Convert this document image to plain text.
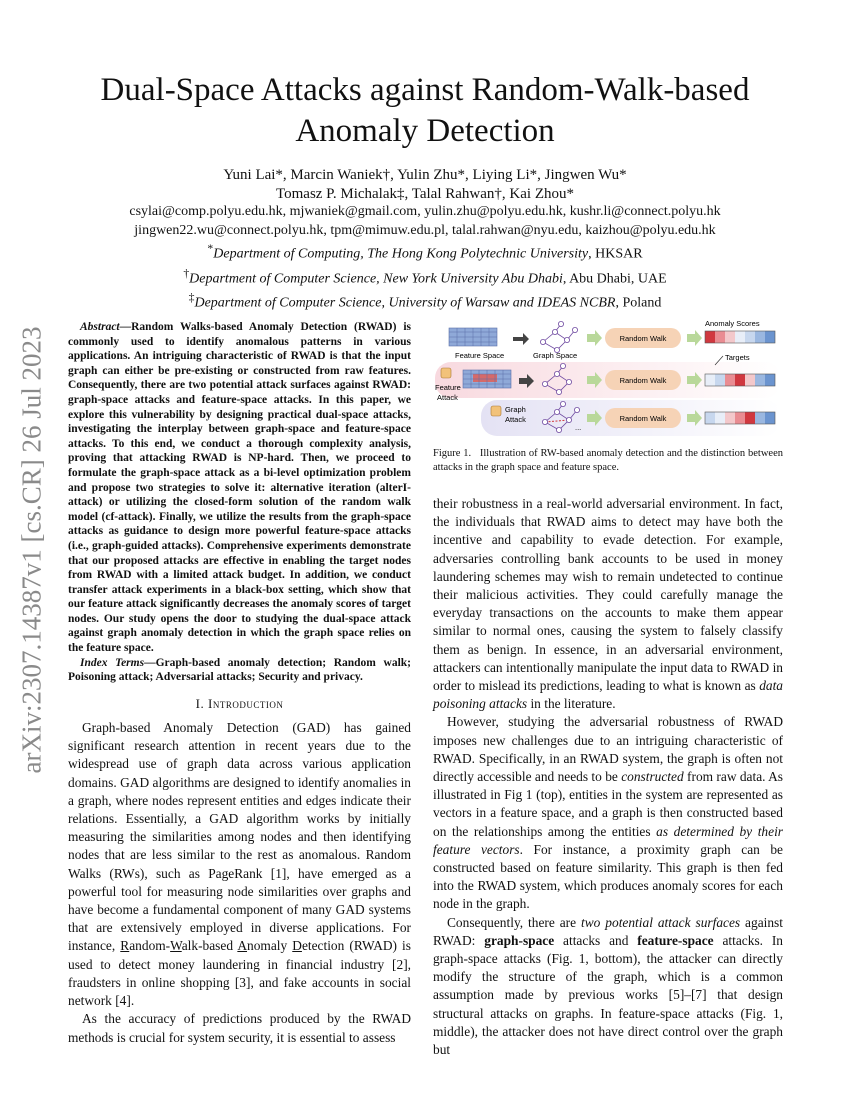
arXiv:2307.14387v1 [cs.CR] 26 Jul 2023
Dual-Space Attacks against Random-Walk-based
Anomaly Detection
Yuni Lai*, Marcin Waniek†, Yulin Zhu*, Liying Li*, Jingwen Wu*
Tomasz P. Michalak‡, Talal Rahwan†, Kai Zhou*
csylai@comp.polyu.edu.hk, mjwaniek@gmail.com, yulin.zhu@polyu.edu.hk, kushr.li@connect.polyu.hk
jingwen22.wu@connect.polyu.hk, tpm@mimuw.edu.pl, talal.rahwan@nyu.edu, kaizhou@polyu.edu.hk
*Department of Computing, The Hong Kong Polytechnic University, HKSAR
†Department of Computer Science, New York University Abu Dhabi, Abu Dhabi, UAE
‡Department of Computer Science, University of Warsaw and IDEAS NCBR, Poland

Abstract—Random Walks-based Anomaly Detection (RWAD) is commonly used to identify anomalous patterns in various applications. An intriguing characteristic of RWAD is that the input graph can either be pre-existing or constructed from raw features. Consequently, there are two potential attack surfaces against RWAD: graph-space attacks and feature-space attacks. In this paper, we explore this vulnerability by designing practical dual-space attacks, investigating the interplay between graph-space and feature-space attacks. To this end, we conduct a thorough complexity analysis, proving that attacking RWAD is NP-hard. Then, we proceed to formulate the graph-space attack as a bi-level optimization problem and propose two strategies to solve it: alternative iteration (alterI-attack) or utilizing the closed-form solution of the random walk model (cf-attack). Finally, we utilize the results from the graph-space attacks as guidance to design more powerful feature-space attacks (i.e., graph-guided attacks). Comprehensive experiments demonstrate that our proposed attacks are effective in enabling the target nodes from RWAD with a limited attack budget. In addition, we conduct transfer attack experiments in a black-box setting, which show that our feature attack significantly decreases the anomaly scores of target nodes. Our study opens the door to studying the dual-space attack against graph anomaly detection in which the graph space relies on the feature space.

Index Terms—Graph-based anomaly detection; Random walk; Poisoning attack; Adversarial attacks; Security and privacy.

I. Introduction

Graph-based Anomaly Detection (GAD) has gained significant research attention in recent years due to the widespread use of graph data across various application domains. GAD algorithms are designed to identify anomalies in a graph, where nodes represent entities and edges indicate their relations. Essentially, a GAD algorithm works by initially measuring the similarities among nodes and then identifying nodes that are less similar to the rest as anomalous. Random Walks (RWs), such as PageRank [1], have emerged as a powerful tool for measuring node similarities over graphs and have become a fundamental component of many GAD systems that are extensively employed in diverse applications. For instance, Random-Walk-based Anomaly Detection (RWAD) is used to detect money laundering in financial industry [2], fraudsters in online shopping [3], and fake accounts in social network [4].

As the accuracy of predictions produced by the RWAD methods is crucial for system security, it is essential to assess

Feature Space	Graph Space
Random Walk
Anomaly Scores
Targets
Feature
Attack
Random Walk
Graph
Attack
...
Random Walk
Figure 1. Illustration of RW-based anomaly detection and the distinction between attacks in the graph space and feature space.

their robustness in a real-world adversarial environment. In fact, the individuals that RWAD aims to detect may have both the incentive and capability to evade detection. For example, adversaries controlling bank accounts to be used in money laundering schemes may wish to remain undetected to continue their malicious activities. They could carefully manage the everyday transactions on the accounts to make them appear similar to normal ones, causing the system to falsely classify them as benign. In essence, in an adversarial environment, attackers can intentionally manipulate the input data to RWAD in order to mislead its predictions, leading to what is known as data poisoning attacks in the literature.

However, studying the adversarial robustness of RWAD imposes new challenges due to an intriguing characteristic of RWAD. Specifically, in an RWAD system, the graph is often not directly accessible and needs to be constructed from raw data. As illustrated in Fig 1 (top), entities in the system are represented as vectors in a feature space, and a graph is then constructed based on the relationships among the entities as determined by their feature vectors. For instance, a proximity graph can be constructed based on feature similarity. This graph is then fed into the RWAD system, which produces anomaly scores for each node in the graph.

Consequently, there are two potential attack surfaces against RWAD: graph-space attacks and feature-space attacks. In graph-space attacks (Fig. 1, bottom), the attacker can directly modify the structure of the graph, which is a common assumption made by previous works [5]–[7] that design structural attacks on graphs. In feature-space attacks (Fig. 1, middle), the attacker does not have direct control over the graph but
